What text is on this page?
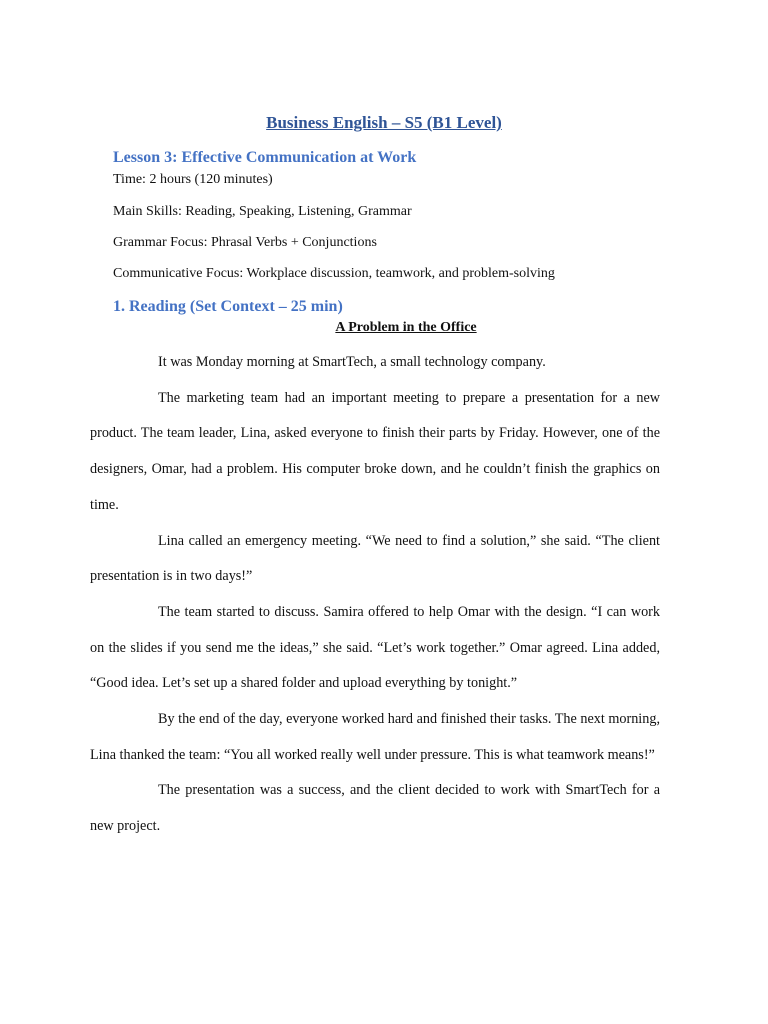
Business English – S5 (B1 Level)
Lesson 3: Effective Communication at Work

Time: 2 hours (120 minutes)

Main Skills: Reading, Speaking, Listening, Grammar

Grammar Focus: Phrasal Verbs + Conjunctions

Communicative Focus: Workplace discussion, teamwork, and problem-solving

1. Reading (Set Context – 25 min)
A Problem in the Office

It was Monday morning at SmartTech, a small technology company.

The marketing team had an important meeting to prepare a presentation for a new product. The team leader, Lina, asked everyone to finish their parts by Friday. However, one of the designers, Omar, had a problem. His computer broke down, and he couldn’t finish the graphics on time.

Lina called an emergency meeting. “We need to find a solution,” she said. “The client presentation is in two days!”

The team started to discuss. Samira offered to help Omar with the design. “I can work on the slides if you send me the ideas,” she said. “Let’s work together.” Omar agreed. Lina added, “Good idea. Let’s set up a shared folder and upload everything by tonight.”

By the end of the day, everyone worked hard and finished their tasks. The next morning, Lina thanked the team: “You all worked really well under pressure. This is what teamwork means!”

The presentation was a success, and the client decided to work with SmartTech for a new project.
